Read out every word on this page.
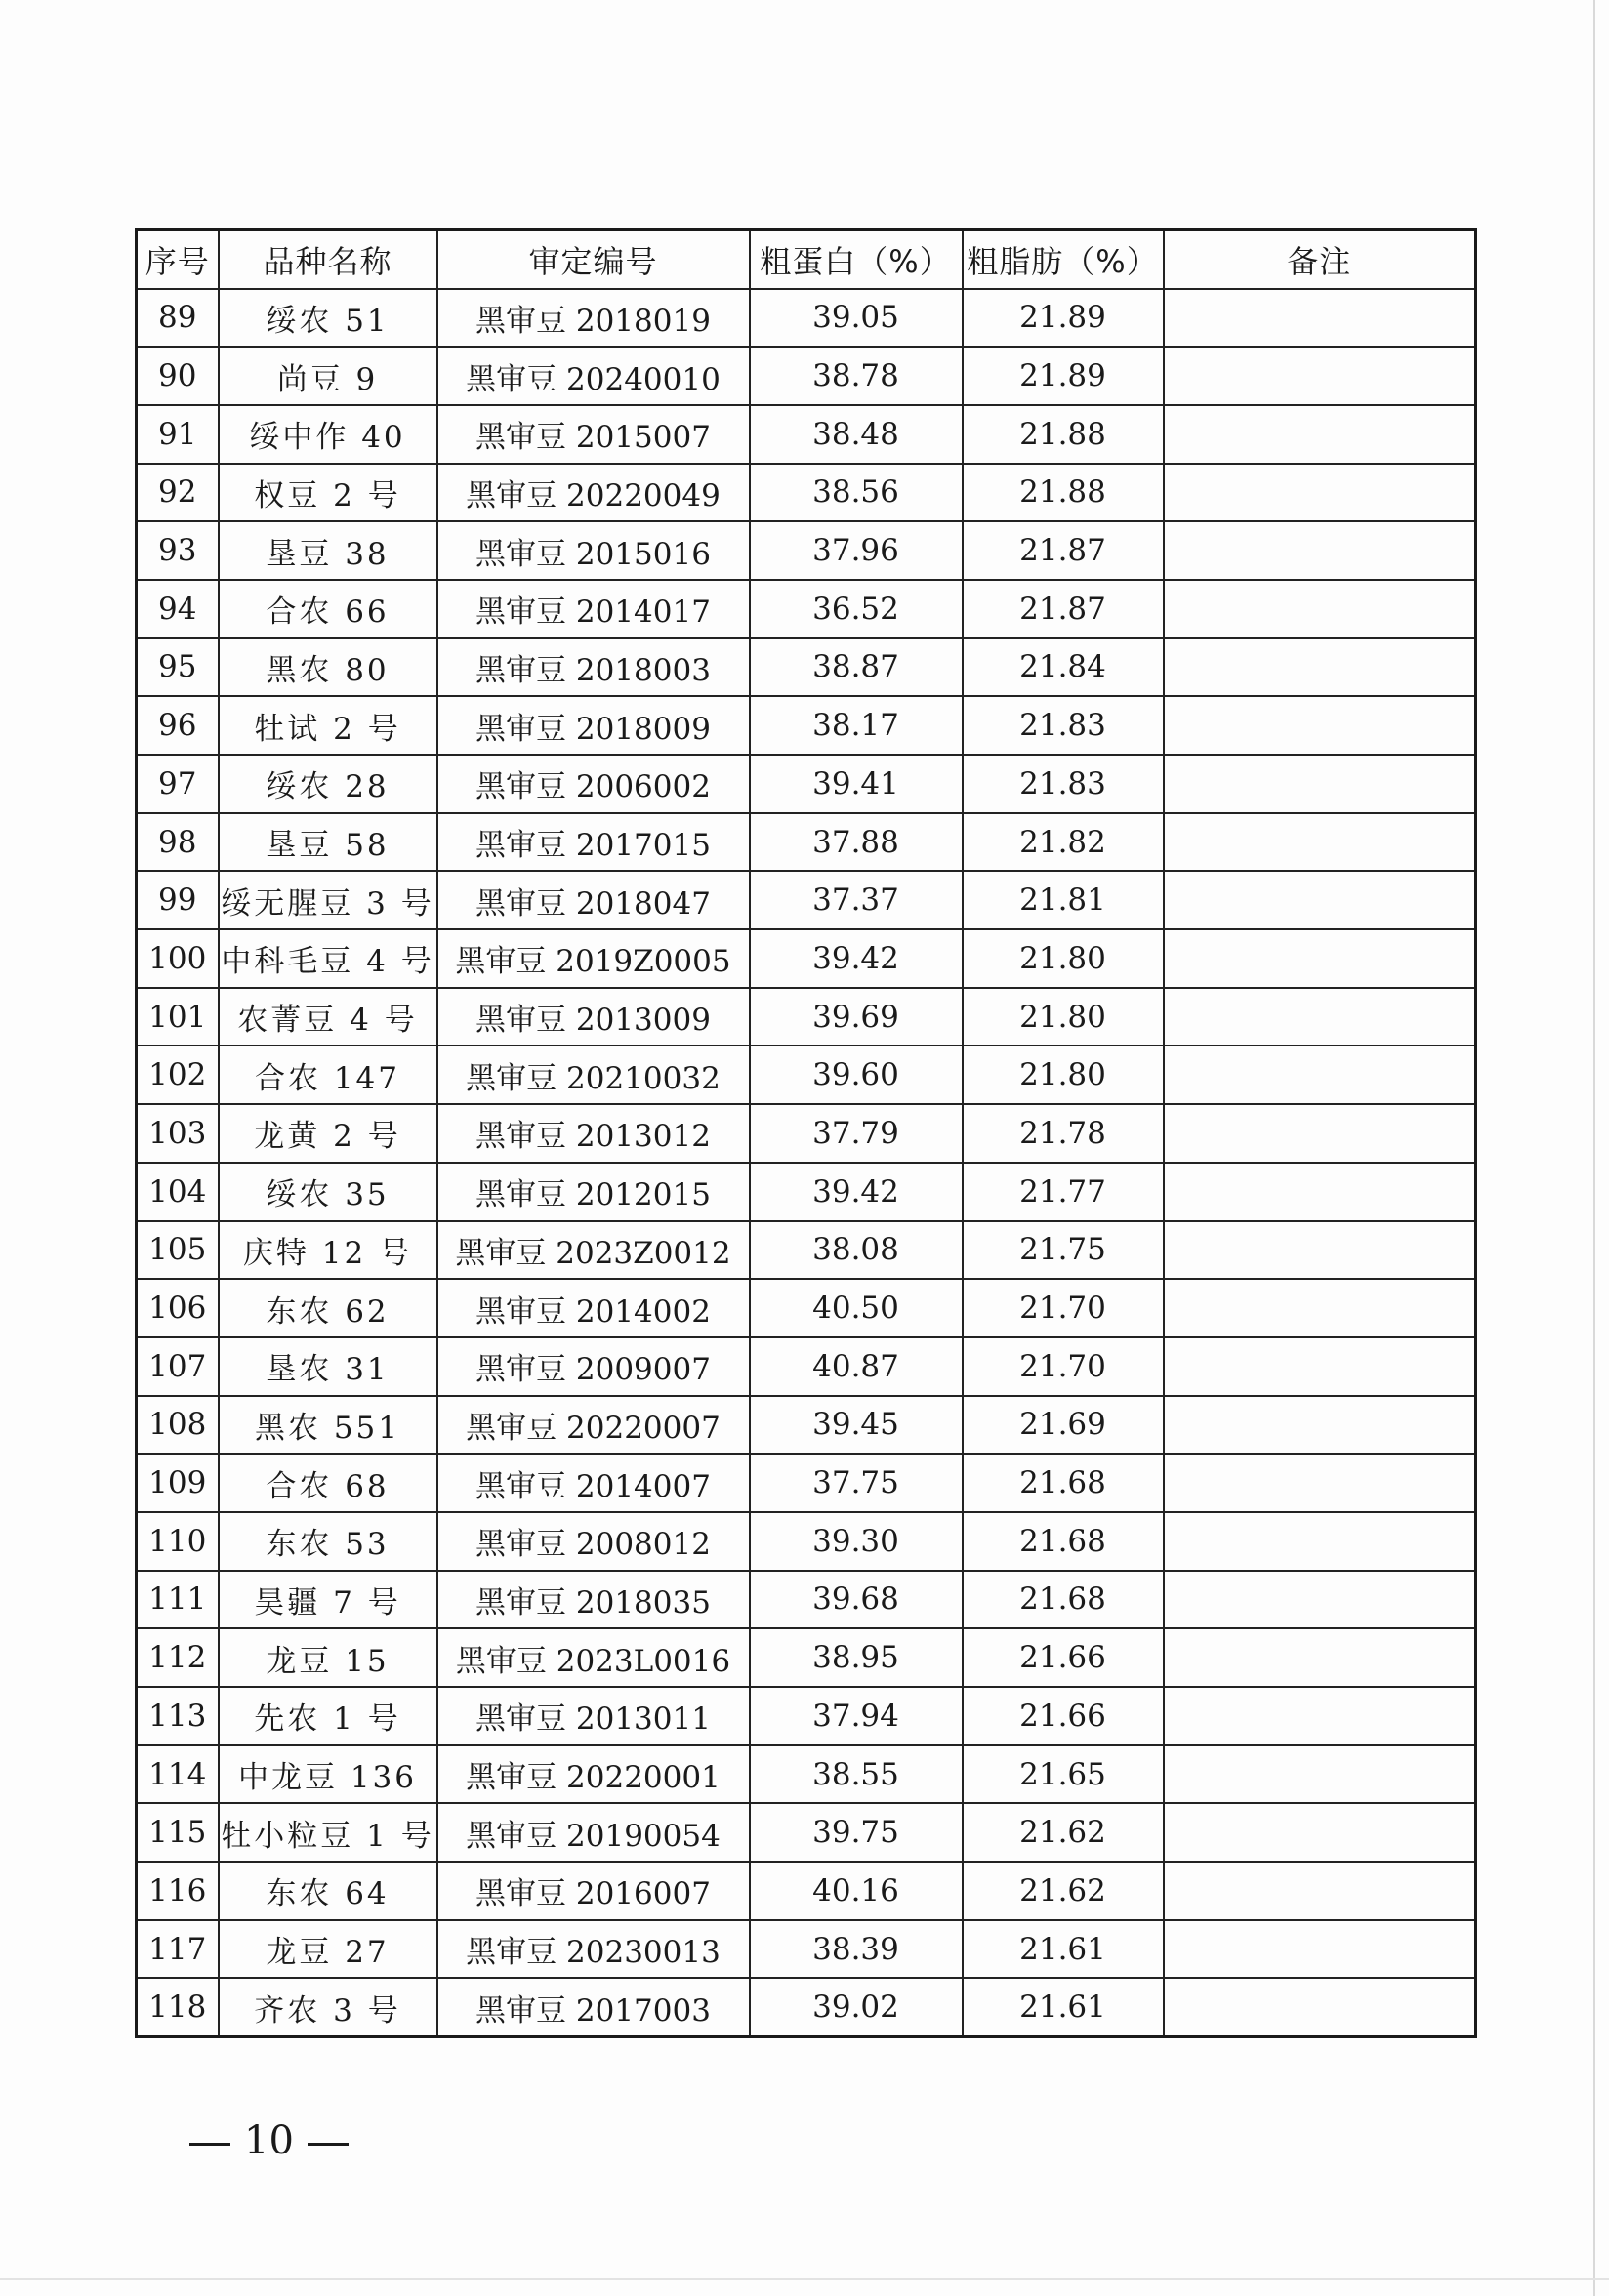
序号	品种名称	审定编号	粗蛋白（%）	粗脂肪（%）	备注
89	绥农 51	黑审豆 2018019	39.05	21.89	
90	尚豆 9	黑审豆 20240010	38.78	21.89	
91	绥中作 40	黑审豆 2015007	38.48	21.88	
92	权豆 2 号	黑审豆 20220049	38.56	21.88	
93	垦豆 38	黑审豆 2015016	37.96	21.87	
94	合农 66	黑审豆 2014017	36.52	21.87	
95	黑农 80	黑审豆 2018003	38.87	21.84	
96	牡试 2 号	黑审豆 2018009	38.17	21.83	
97	绥农 28	黑审豆 2006002	39.41	21.83	
98	垦豆 58	黑审豆 2017015	37.88	21.82	
99	绥无腥豆 3 号	黑审豆 2018047	37.37	21.81	
100	中科毛豆 4 号	黑审豆 2019Z0005	39.42	21.80	
101	农菁豆 4 号	黑审豆 2013009	39.69	21.80	
102	合农 147	黑审豆 20210032	39.60	21.80	
103	龙黄 2 号	黑审豆 2013012	37.79	21.78	
104	绥农 35	黑审豆 2012015	39.42	21.77	
105	庆特 12 号	黑审豆 2023Z0012	38.08	21.75	
106	东农 62	黑审豆 2014002	40.50	21.70	
107	垦农 31	黑审豆 2009007	40.87	21.70	
108	黑农 551	黑审豆 20220007	39.45	21.69	
109	合农 68	黑审豆 2014007	37.75	21.68	
110	东农 53	黑审豆 2008012	39.30	21.68	
111	昊疆 7 号	黑审豆 2018035	39.68	21.68	
112	龙豆 15	黑审豆 2023L0016	38.95	21.66	
113	先农 1 号	黑审豆 2013011	37.94	21.66	
114	中龙豆 136	黑审豆 20220001	38.55	21.65	
115	牡小粒豆 1 号	黑审豆 20190054	39.75	21.62	
116	东农 64	黑审豆 2016007	40.16	21.62	
117	龙豆 27	黑审豆 20230013	38.39	21.61	
118	齐农 3 号	黑审豆 2017003	39.02	21.61	
10
